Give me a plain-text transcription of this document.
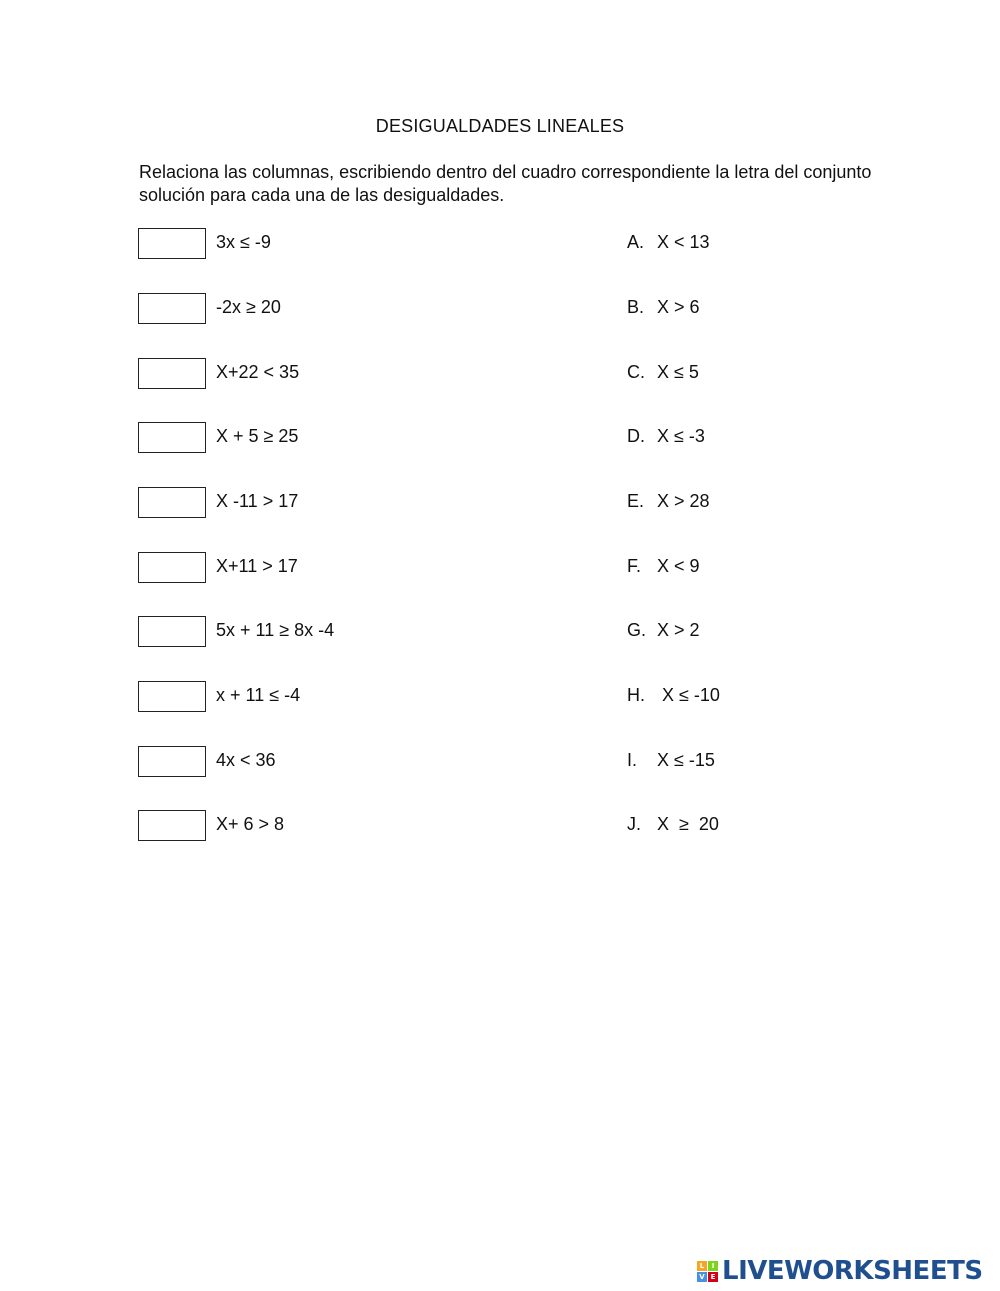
DESIGUALDADES LINEALES
Relaciona las columnas, escribiendo dentro del cuadro correspondiente la letra del conjunto solución para cada una de las desigualdades.
3x ≤ -9	A. X < 13
-2x ≥ 20	B. X > 6
X+22 < 35	C. X ≤ 5
X + 5 ≥ 25	D. X ≤ -3
X -11 > 17	E. X > 28
X+11 > 17	F. X < 9
5x + 11 ≥ 8x -4	G. X > 2
x + 11 ≤ -4	H. X ≤ -10
4x < 36	I. X ≤ -15
X+ 6 > 8	J. X  ≥  20
L	I
V E LIVEWORKSHEETS
